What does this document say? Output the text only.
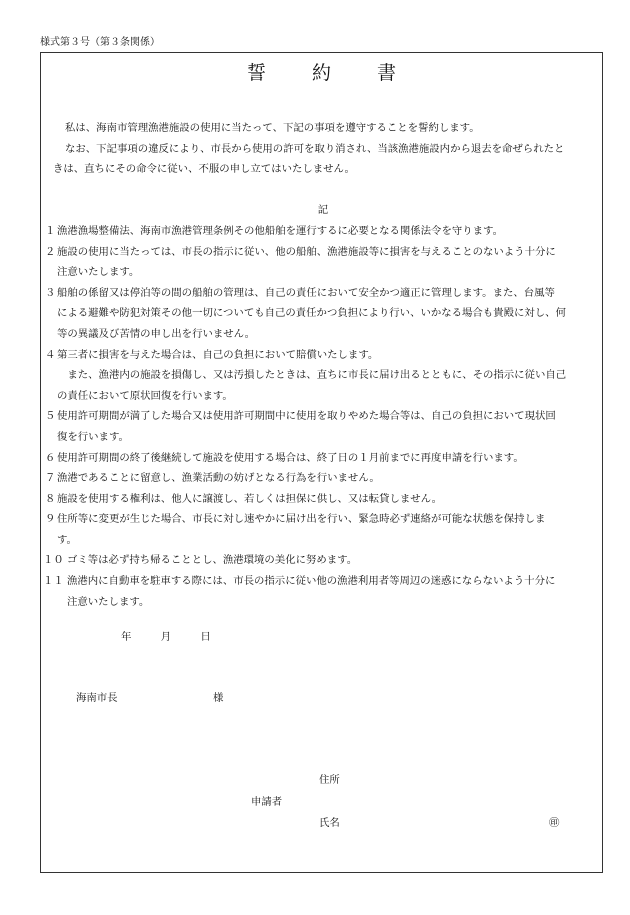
様式第３号（第３条関係）
誓約書

私は、海南市管理漁港施設の使用に当たって、下記の事項を遵守することを誓約します。

なお、下記事項の違反により、市長から使用の許可を取り消され、当該漁港施設内から退去を命ぜられたと

きは、直ちにその命令に従い、不服の申し立てはいたしません。

記

１ 漁港漁場整備法、海南市漁港管理条例その他船舶を運行するに必要となる関係法令を守ります。
２ 施設の使用に当たっては、市長の指示に従い、他の船舶、漁港施設等に損害を与えることのないよう十分に
注意いたします。
３ 船舶の係留又は停泊等の間の船舶の管理は、自己の責任において安全かつ適正に管理します。また、台風等
による避難や防犯対策その他一切についても自己の責任かつ負担により行い、いかなる場合も貴殿に対し、何
等の異議及び苦情の申し出を行いません。
４ 第三者に損害を与えた場合は、自己の負担において賠償いたします。
　また、漁港内の施設を損傷し、又は汚損したときは、直ちに市長に届け出るとともに、その指示に従い自己
の責任において原状回復を行います。
５ 使用許可期間が満了した場合又は使用許可期間中に使用を取りやめた場合等は、自己の負担において現状回
復を行います。
６ 使用許可期間の終了後継続して施設を使用する場合は、終了日の１月前までに再度申請を行います。
７ 漁港であることに留意し、漁業活動の妨げとなる行為を行いません。
８ 施設を使用する権利は、他人に譲渡し、若しくは担保に供し、又は転貸しません。
９ 住所等に変更が生じた場合、市長に対し速やかに届け出を行い、緊急時必ず連絡が可能な状態を保持しま
す。
１０ ゴミ等は必ず持ち帰ることとし、漁港環境の美化に努めます。
１１ 漁港内に自動車を駐車する際には、市長の指示に従い他の漁港利用者等周辺の迷惑にならないよう十分に
注意いたします。
年	月	日
海南市長	様
住所
申請者
氏名	㊞
